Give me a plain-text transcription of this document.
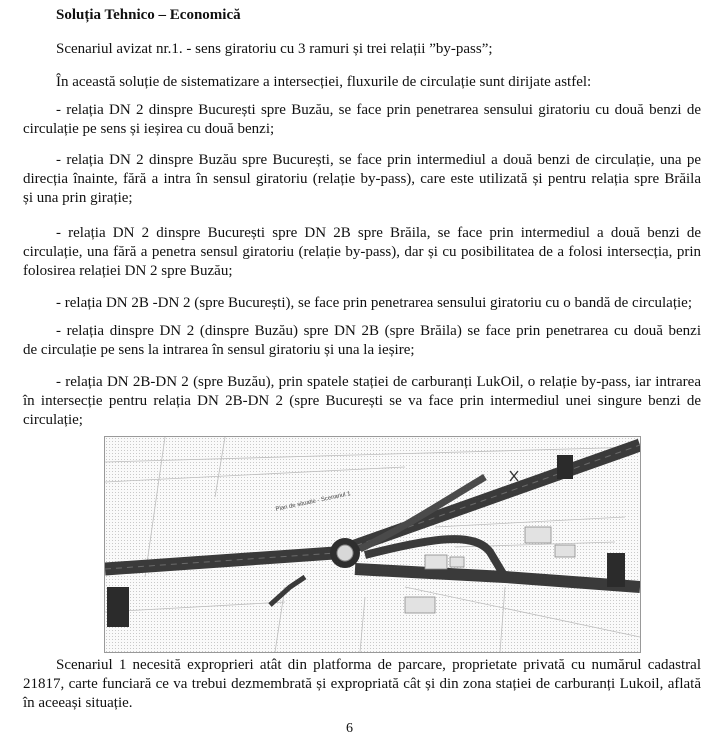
Soluția Tehnico – Economică

Scenariul avizat nr.1. - sens giratoriu cu 3 ramuri și trei relații ”by-pass”;

În această soluție de sistematizare a intersecției, fluxurile de circulație sunt dirijate astfel:

- relația DN 2 dinspre București spre Buzău, se face prin penetrarea sensului giratoriu cu două benzi de

circulație pe sens și ieșirea cu două benzi;

- relația DN 2 dinspre Buzău spre București, se face prin intermediul a două benzi de circulație, una pe

direcția înainte, fără a intra în sensul giratoriu (relație by-pass), care este utilizată și pentru relația spre Brăila

și una prin girație;

- relația DN 2 dinspre București spre DN 2B spre Brăila, se face prin intermediul a două benzi de

circulație, una fără a penetra sensul giratoriu (relație by-pass), dar și cu posibilitatea de a folosi intersecția, prin

folosirea relației DN 2 spre Buzău;

- relația DN 2B -DN 2 (spre București), se face prin penetrarea sensului giratoriu cu o bandă de circulație;

- relația dinspre DN 2 (dinspre Buzău) spre DN 2B (spre Brăila) se face prin penetrarea cu două benzi

de circulație pe sens la intrarea în sensul giratoriu și una la ieșire;

- relația DN 2B-DN 2 (spre Buzău), prin spatele stației de carburanți LukOil, o relație by-pass, iar intrarea

în intersecție pentru relația DN 2B-DN 2 (spre București se va face prin intermediul unei singure benzi de

circulație;

Plan de situatie - Scenariul 1

Scenariul 1 necesită exproprieri atât din platforma de parcare, proprietate privată cu numărul cadastral

21817, carte funciară ce va trebui dezmembrată și expropriată cât și din zona stației de carburanți Lukoil, aflată

în aceeași situație.

6
